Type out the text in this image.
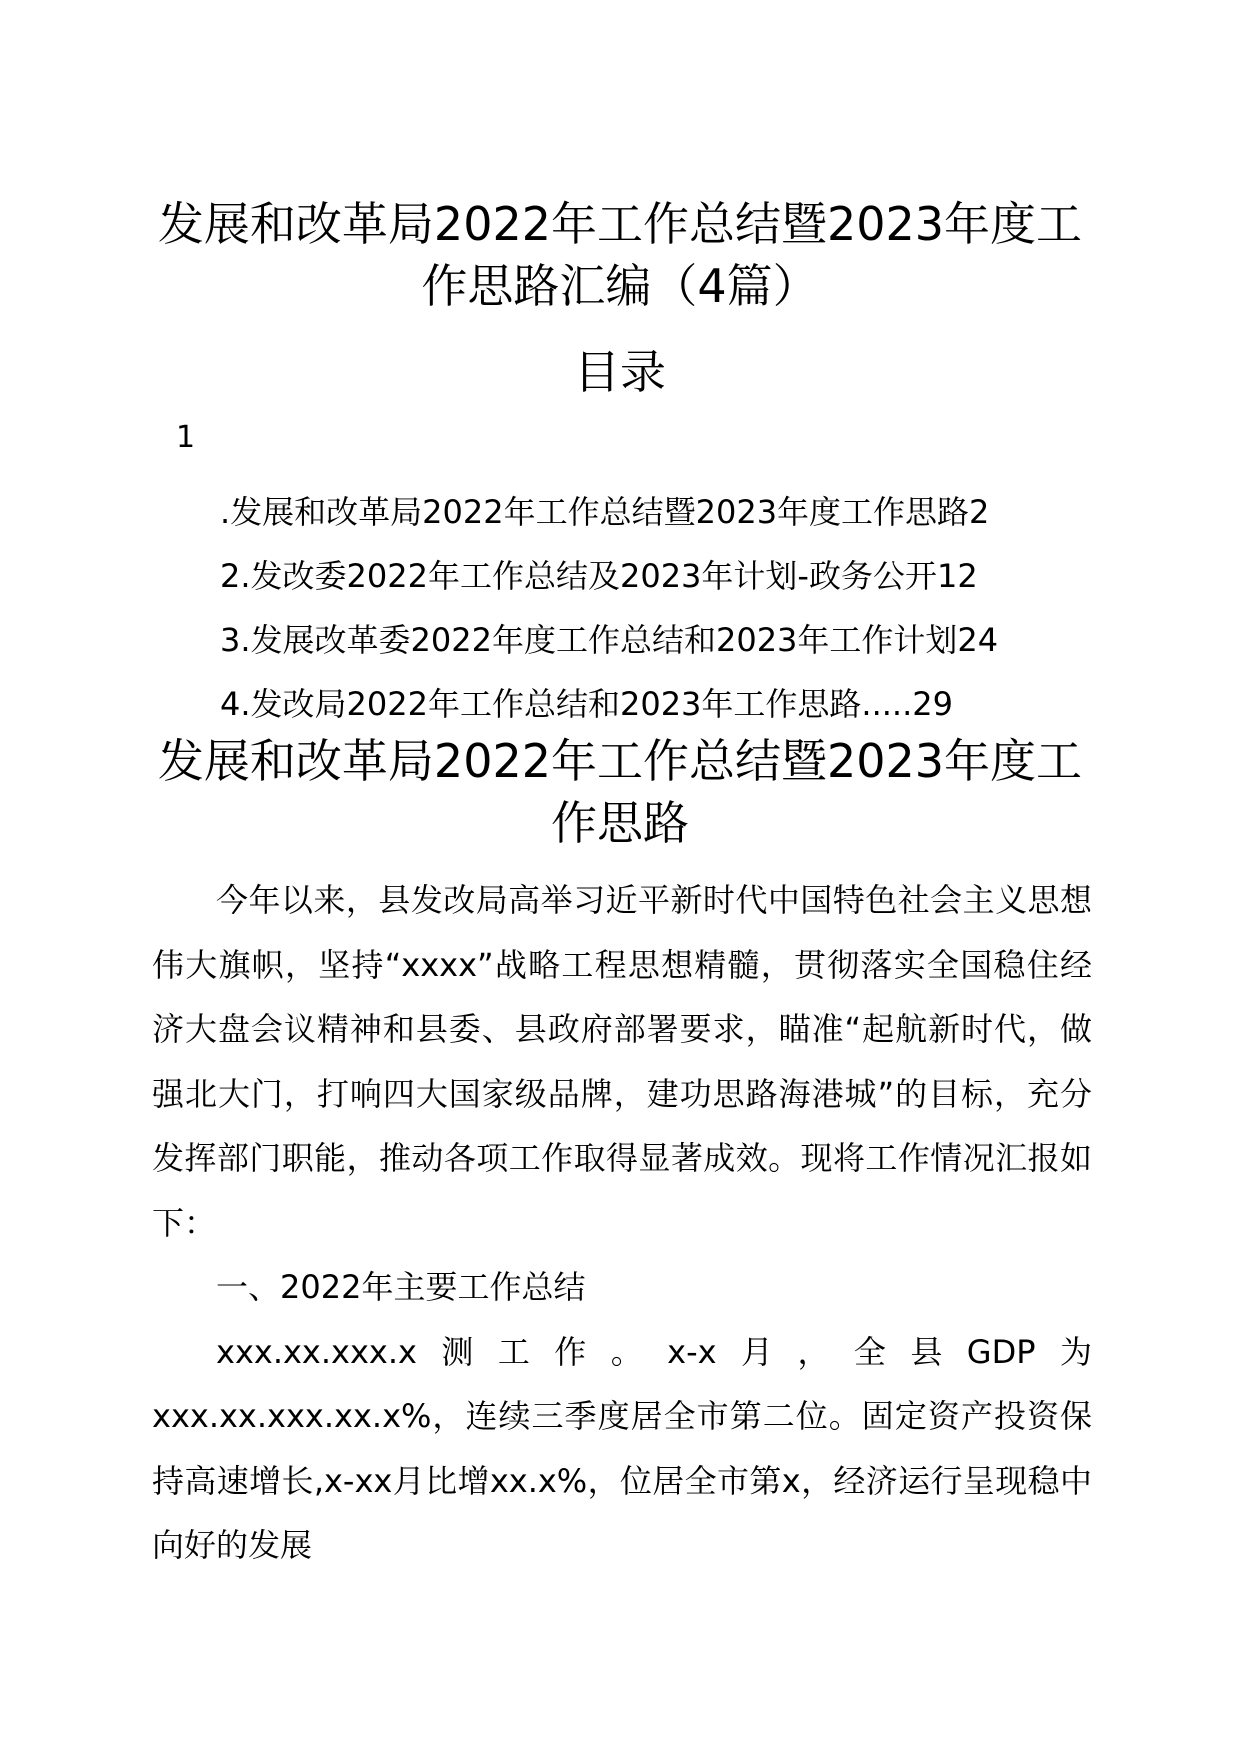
发展和改革局2022年工作总结暨2023年度工
作思路汇编（4篇）
目录
1
.发展和改革局2022年工作总结暨2023年度工作思路2
2.发改委2022年工作总结及2023年计划-政务公开12
3.发展改革委2022年度工作总结和2023年工作计划24
4.发改局2022年工作总结和2023年工作思路.....29
发展和改革局2022年工作总结暨2023年度工
作思路

今年以来，县发改局高举习近平新时代中国特色社会主义思想伟大旗帜，坚持“xxxx”战略工程思想精髓，贯彻落实全国稳住经济大盘会议精神和县委、县政府部署要求，瞄准“起航新时代，做强北大门，打响四大国家级品牌，建功思路海港城”的目标，充分发挥部门职能，推动各项工作取得显著成效。现将工作情况汇报如下：

一、2022年主要工作总结

xxx.xx.xxx.x测工作。x-x月，全县GDP为xxx.xx.xxx.xx.x%，连续三季度居全市第二位。固定资产投资保持高速增长,x-xx月比增xx.x%，位居全市第x，经济运行呈现稳中向好的发展
